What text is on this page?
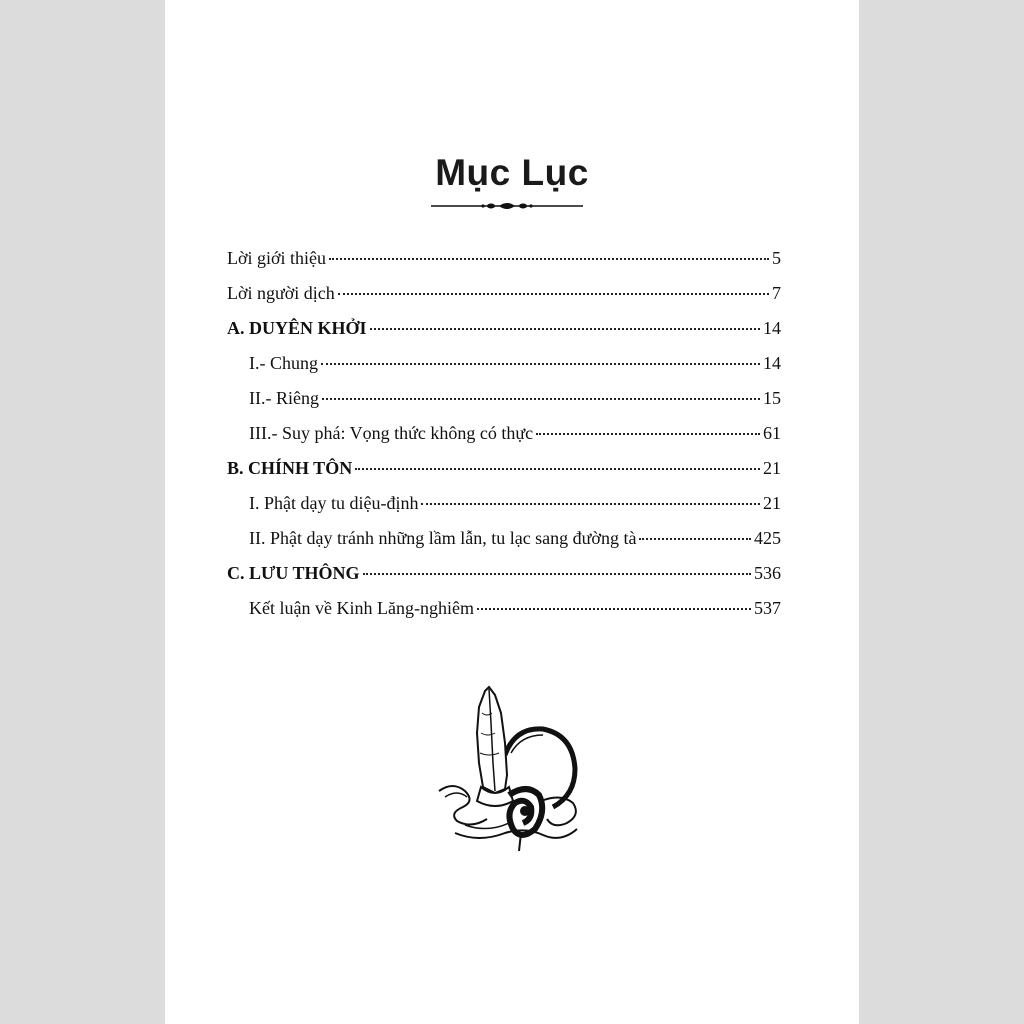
Mục Lục
Lời giới thiệu	5
Lời người dịch	7
A. DUYÊN KHỞI	14
I.- Chung	14
II.- Riêng	15
III.- Suy phá: Vọng thức không có thực	61
B. CHÍNH TÔN	21
I. Phật dạy tu diệu-định	21
II. Phật dạy tránh những lầm lẫn, tu lạc sang đường tà	425
C. LƯU THÔNG	536
Kết luận về Kinh Lăng-nghiêm	537
